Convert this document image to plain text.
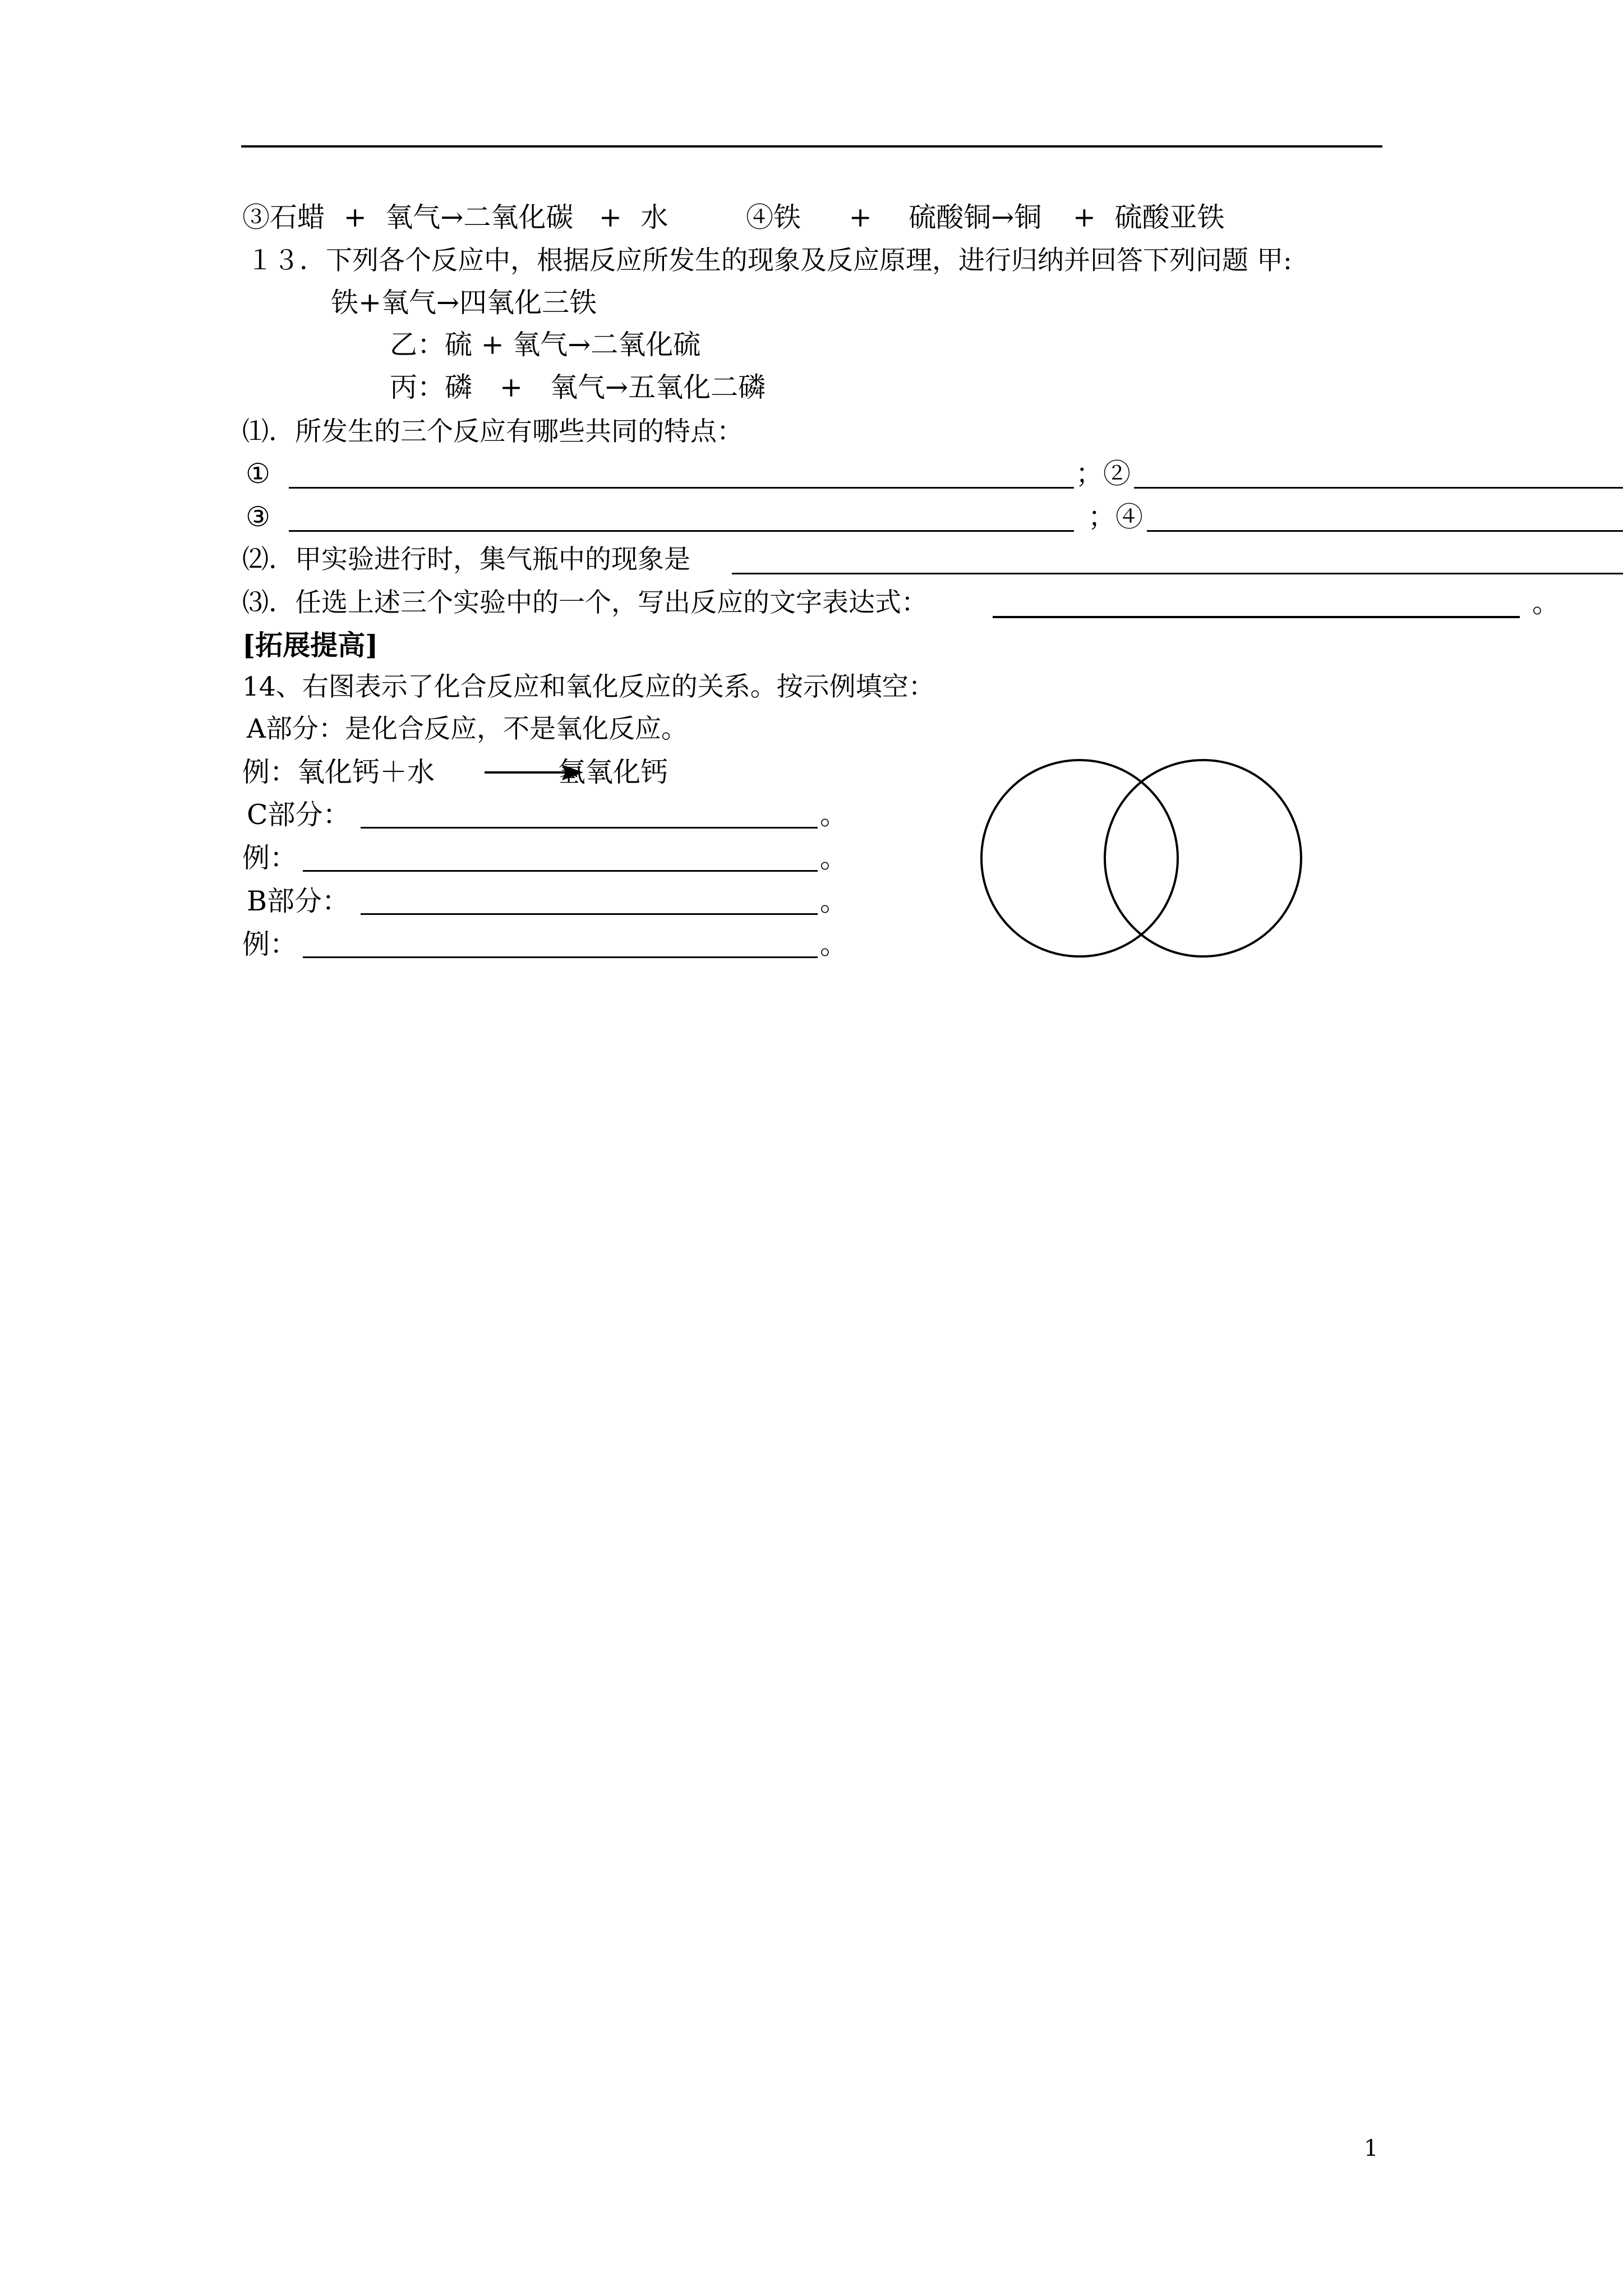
③石蜡 + 氧气→二氧化碳 + 水	④铁 + 硫酸铜→铜 + 硫酸亚铁
１３．下列各个反应中，根据反应所发生的现象及反应原理，进行归纳并回答下列问题 甲:
铁+氧气→四氧化三铁
乙：硫 + 氧气→二氧化硫
丙：磷　+　氧气→五氧化二磷
⑴．所发生的三个反应有哪些共同的特点：
①	；②
③	；④
⑵．甲实验进行时，集气瓶中的现象是
⑶．任选上述三个实验中的一个，写出反应的文字表达式：	。
[拓展提高]
14、右图表示了化合反应和氧化反应的关系。按示例填空：
A部分：是化合反应，不是氧化反应。
例：氧化钙＋水	氢氧化钙
C部分：	。
例：	。
B部分：	。
例：	。
1
